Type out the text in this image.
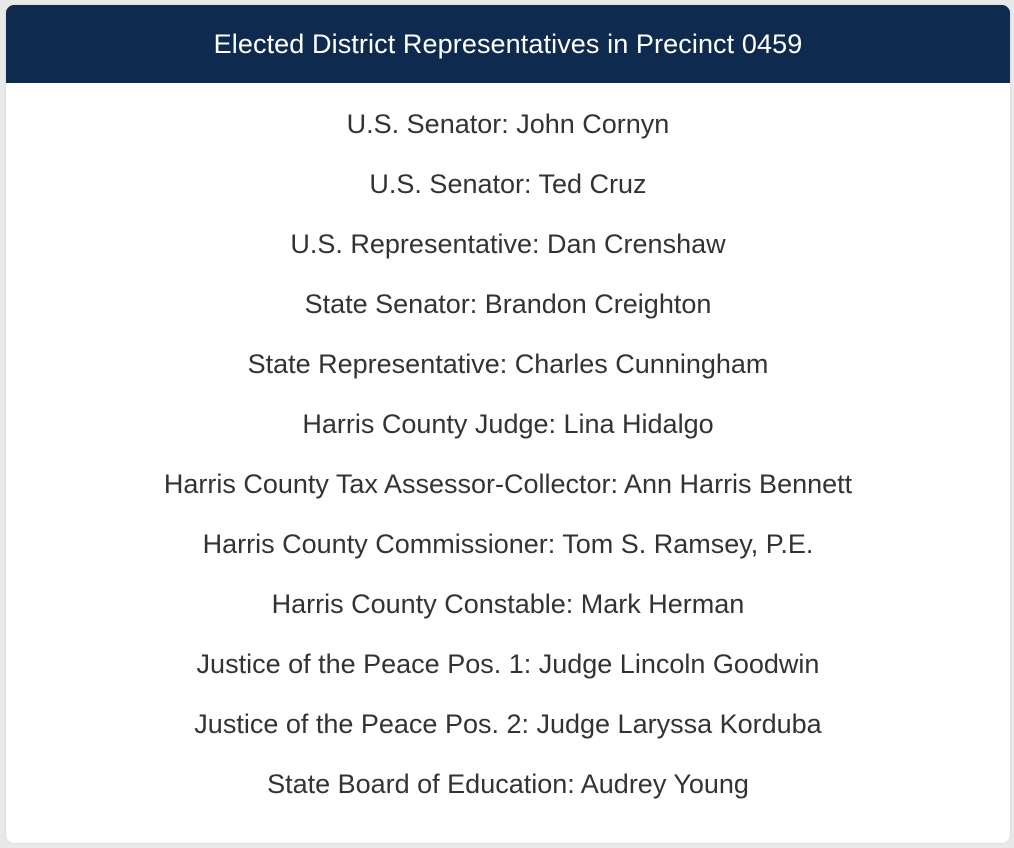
Elected District Representatives in Precinct 0459
U.S. Senator: John Cornyn
U.S. Senator: Ted Cruz
U.S. Representative: Dan Crenshaw
State Senator: Brandon Creighton
State Representative: Charles Cunningham
Harris County Judge: Lina Hidalgo
Harris County Tax Assessor-Collector: Ann Harris Bennett
Harris County Commissioner: Tom S. Ramsey, P.E.
Harris County Constable: Mark Herman
Justice of the Peace Pos. 1: Judge Lincoln Goodwin
Justice of the Peace Pos. 2: Judge Laryssa Korduba
State Board of Education: Audrey Young
